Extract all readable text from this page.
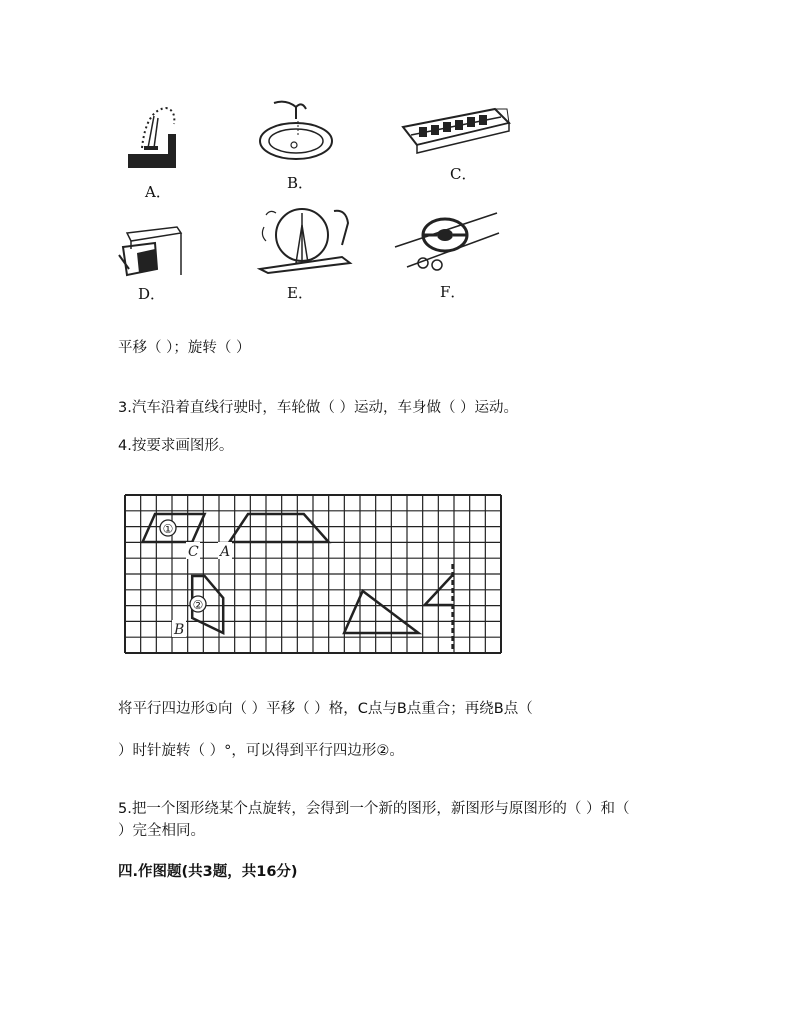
A．	B．	C．
D．	E．	F．
平移（ ）；旋转（ ）
3.汽车沿着直线行驶时，车轮做（ ）运动，车身做（ ）运动。
4.按要求画图形。
①
②
C A
B
将平行四边形①向（ ）平移（ ）格，C点与B点重合；再绕B点（
）时针旋转（ ）°，可以得到平行四边形②。
5.把一个图形绕某个点旋转，会得到一个新的图形，新图形与原图形的（ ）和（
）完全相同。
四.作图题(共3题，共16分)
